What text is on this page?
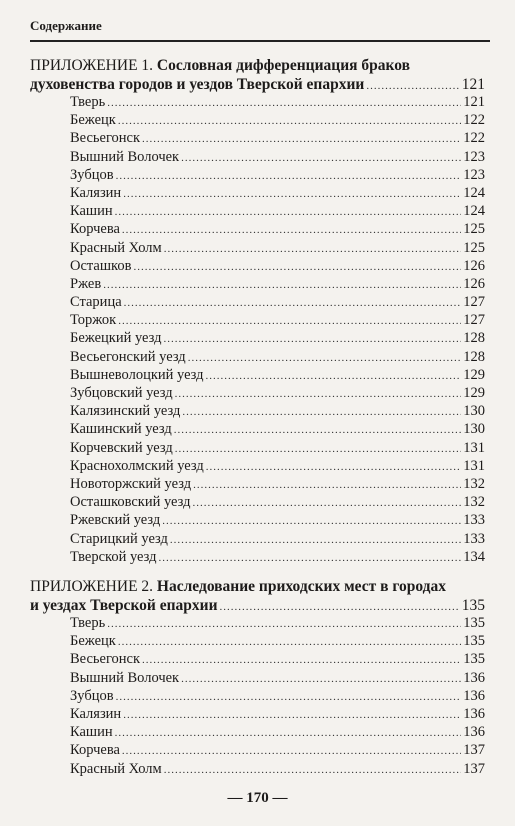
Содержание
ПРИЛОЖЕНИЕ 1. Сословная дифференциация браков
духовенства городов и уездов Тверской епархии .....	121
Тверь .....	121
Бежецк .....	122
Весьегонск .....	122
Вышний Волочек .....	123
Зубцов .....	123
Калязин .....	124
Кашин .....	124
Корчева .....	125
Красный Холм .....	125
Осташков .....	126
Ржев .....	126
Старица .....	127
Торжок .....	127
Бежецкий уезд .....	128
Весьегонский уезд .....	128
Вышневолоцкий уезд .....	129
Зубцовский уезд .....	129
Калязинский уезд .....	130
Кашинский уезд .....	130
Корчевский уезд .....	131
Краснохолмский уезд .....	131
Новоторжский уезд .....	132
Осташковский уезд .....	132
Ржевский уезд .....	133
Старицкий уезд .....	133
Тверской уезд .....	134
ПРИЛОЖЕНИЕ 2. Наследование приходских мест в городах
и уездах Тверской епархии .....	135
Тверь .....	135
Бежецк .....	135
Весьегонск .....	135
Вышний Волочек .....	136
Зубцов .....	136
Калязин .....	136
Кашин .....	136
Корчева .....	137
Красный Холм .....	137
— 170 —
